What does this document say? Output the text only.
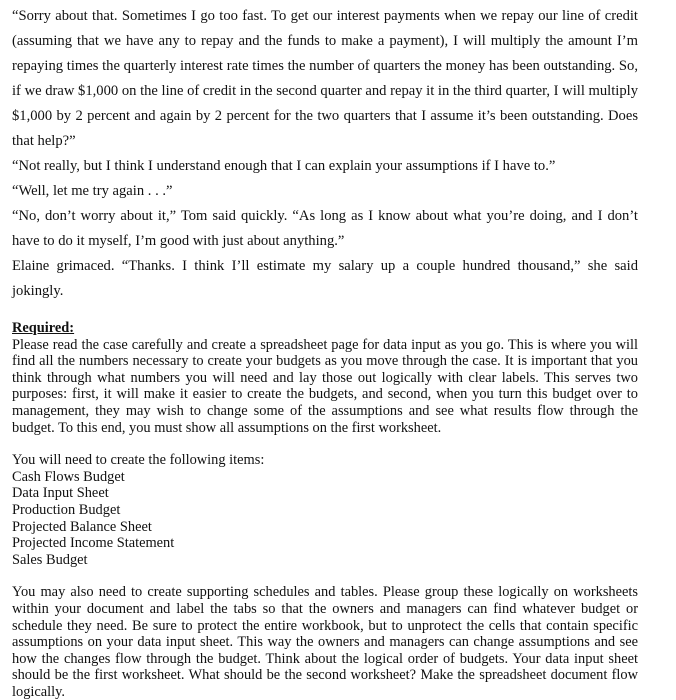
“Sorry about that. Sometimes I go too fast. To get our interest payments when we repay our line of credit (assuming that we have any to repay and the funds to make a payment), I will multiply the amount I’m repaying times the quarterly interest rate times the number of quarters the money has been outstanding. So, if we draw $1,000 on the line of credit in the second quarter and repay it in the third quarter, I will multiply $1,000 by 2 percent and again by 2 percent for the two quarters that I assume it’s been outstanding. Does that help?”

“Not really, but I think I understand enough that I can explain your assumptions if I have to.”

“Well, let me try again . . .”

“No, don’t worry about it,” Tom said quickly. “As long as I know about what you’re doing, and I don’t have to do it myself, I’m good with just about anything.”

Elaine grimaced. “Thanks. I think I’ll estimate my salary up a couple hundred thousand,” she said jokingly.

Required:

Please read the case carefully and create a spreadsheet page for data input as you go. This is where you will find all the numbers necessary to create your budgets as you move through the case. It is important that you think through what numbers you will need and lay those out logically with clear labels. This serves two purposes: first, it will make it easier to create the budgets, and second, when you turn this budget over to management, they may wish to change some of the assumptions and see what results flow through the budget. To this end, you must show all assumptions on the first worksheet.

You will need to create the following items:

Cash Flows Budget
Data Input Sheet
Production Budget
Projected Balance Sheet
Projected Income Statement
Sales Budget

You may also need to create supporting schedules and tables. Please group these logically on worksheets within your document and label the tabs so that the owners and managers can find whatever budget or schedule they need. Be sure to protect the entire workbook, but to unprotect the cells that contain specific assumptions on your data input sheet. This way the owners and managers can change assumptions and see how the changes flow through the budget. Think about the logical order of budgets. Your data input sheet should be the first worksheet. What should be the second worksheet? Make the spreadsheet document flow logically.
